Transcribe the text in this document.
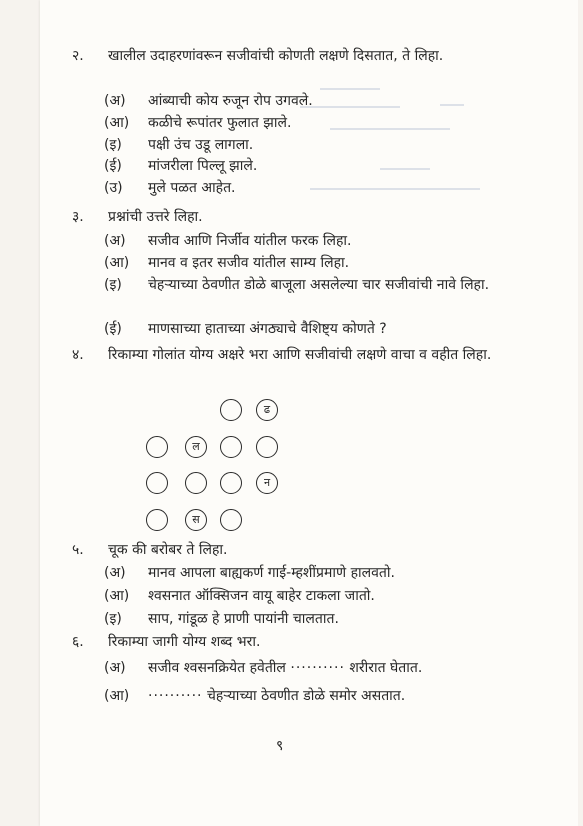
२. खालील उदाहरणांवरून सजीवांची कोणती लक्षणे दिसतात, ते लिहा.
(अ) आंब्याची कोय रुजून रोप उगवले.
(आ) कळीचे रूपांतर फुलात झाले.
(इ) पक्षी उंच उडू लागला.
(ई) मांजरीला पिल्लू झाले.
(उ) मुले पळत आहेत.
३. प्रश्नांची उत्तरे लिहा.
(अ) सजीव आणि निर्जीव यांतील फरक लिहा.
(आ) मानव व इतर सजीव यांतील साम्य लिहा.
(इ) चेहऱ्याच्या ठेवणीत डोळे बाजूला असलेल्या चार सजीवांची नावे लिहा.
(ई) माणसाच्या हाताच्या अंगठ्याचे वैशिष्ट्य कोणते ?
४. रिकाम्या गोलांत योग्य अक्षरे भरा आणि सजीवांची लक्षणे वाचा व वहीत लिहा.
ढ
ल
न
स
५. चूक की बरोबर ते लिहा.
(अ) मानव आपला बाह्यकर्ण गाई-म्हशींप्रमाणे हालवतो.
(आ) श्वसनात ऑक्सिजन वायू बाहेर टाकला जातो.
(इ) साप, गांडूळ हे प्राणी पायांनी चालतात.
६. रिकाम्या जागी योग्य शब्द भरा.
(अ) सजीव श्वसनक्रियेत हवेतील ·········· शरीरात घेतात.
(आ) ·········· चेहऱ्याच्या ठेवणीत डोळे समोर असतात.
९
